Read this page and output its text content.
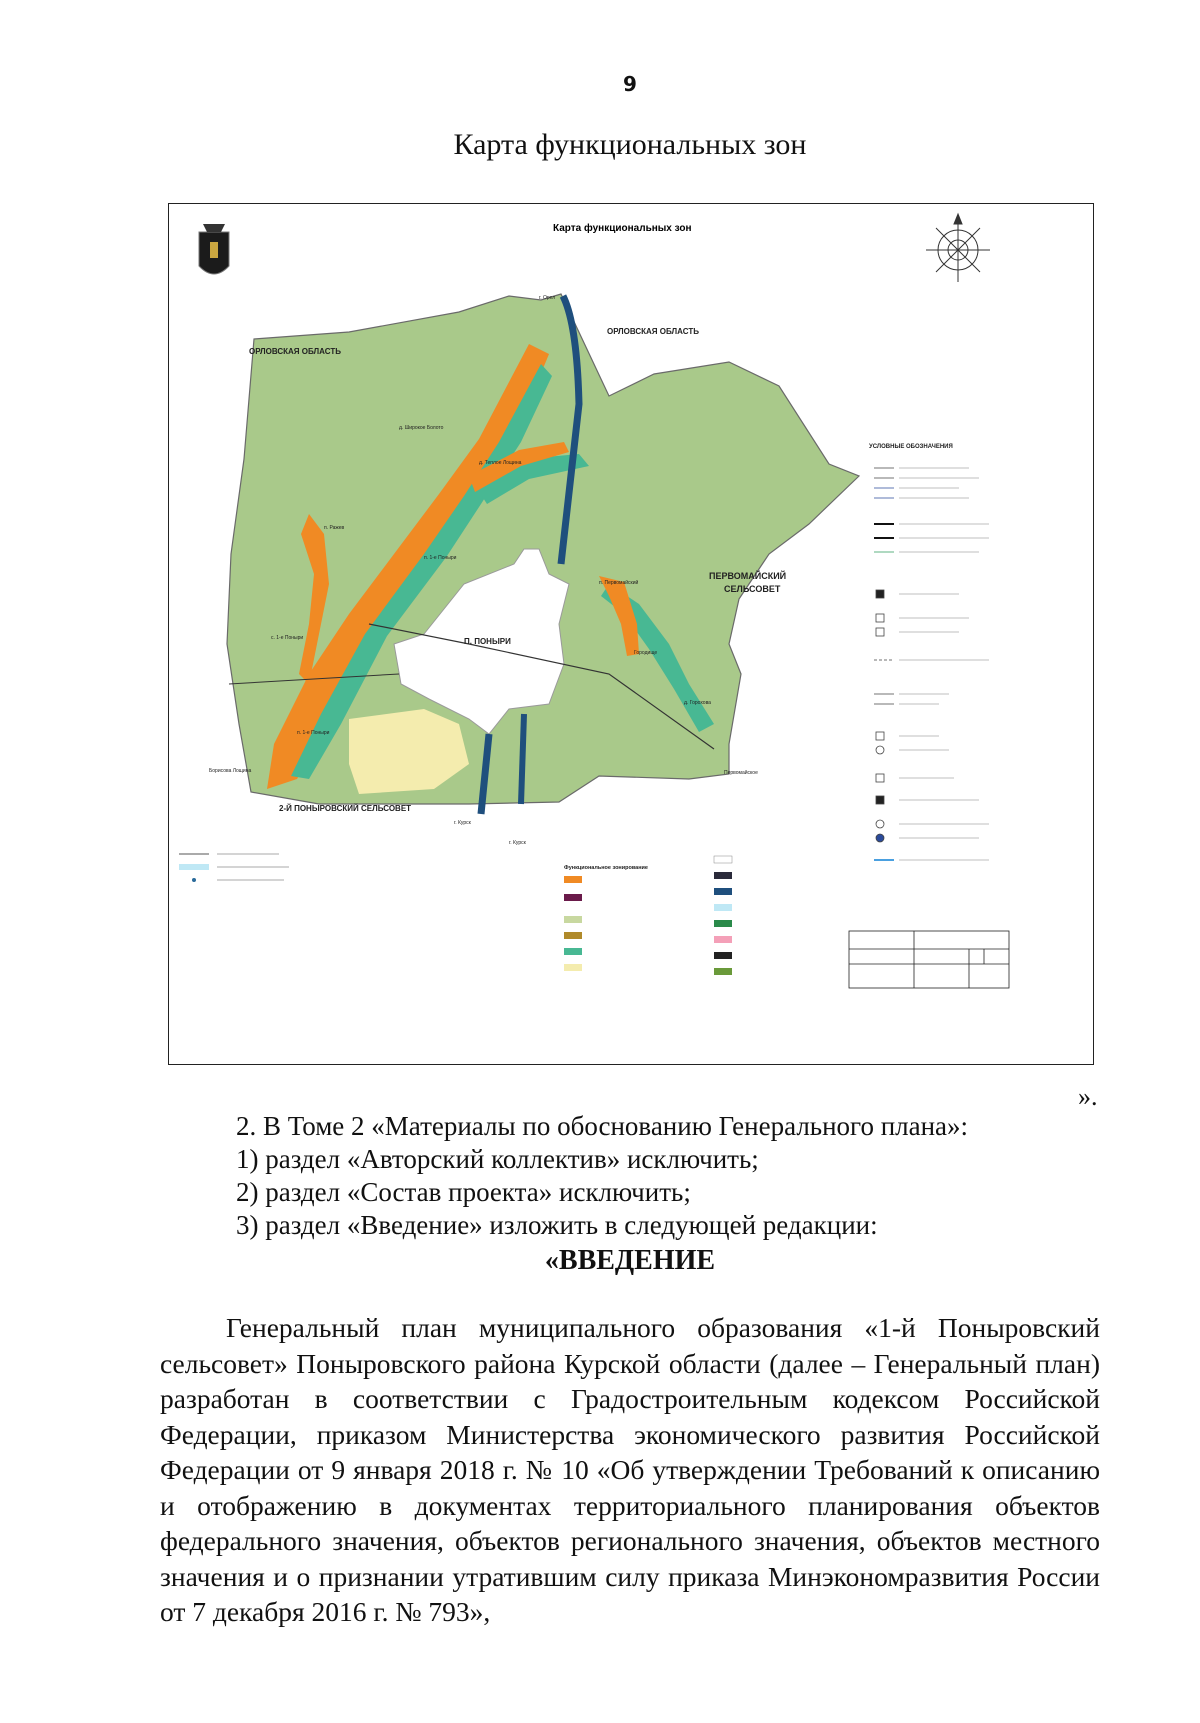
9
Карта функциональных зон
Карта функциональных зон
ОРЛОВСКАЯ ОБЛАСТЬ
ОРЛОВСКАЯ ОБЛАСТЬ
ПЕРВОМАЙСКИЙ
СЕЛЬСОВЕТ
П. ПОНЫРИ
2-Й ПОНЫРОВСКИЙ СЕЛЬСОВЕТ
г. Орел
г. Курск
г. Курск
д. Широкое Болото
д. Теплое Лощина
п. Ражев
п. 1-е Поныри
п. Первомайский
с. 1-е Поныри
п. 1-е Поныри
д. Горохова
Борисова Лощина	Первомайское
Городище
УСЛОВНЫЕ ОБОЗНАЧЕНИЯ
Функциональное зонирование
».
2. В Томе 2 «Материалы по обоснованию Генерального плана»:
1) раздел «Авторский коллектив» исключить;
2) раздел «Состав проекта» исключить;
3) раздел «Введение» изложить в следующей редакции:
«ВВЕДЕНИЕ
Генеральный план муниципального образования «1-й Поныровский сельсовет» Поныровского района Курской области (далее – Генеральный план) разработан в соответствии с Градостроительным кодексом Российской Федерации, приказом Министерства экономического развития Российской Федерации от 9 января 2018 г. № 10 «Об утверждении Требований к описанию и отображению в документах территориального планирования объектов федерального значения, объектов регионального значения, объектов местного значения и о признании утратившим силу приказа Минэкономразвития России от 7 декабря 2016 г. № 793»,
